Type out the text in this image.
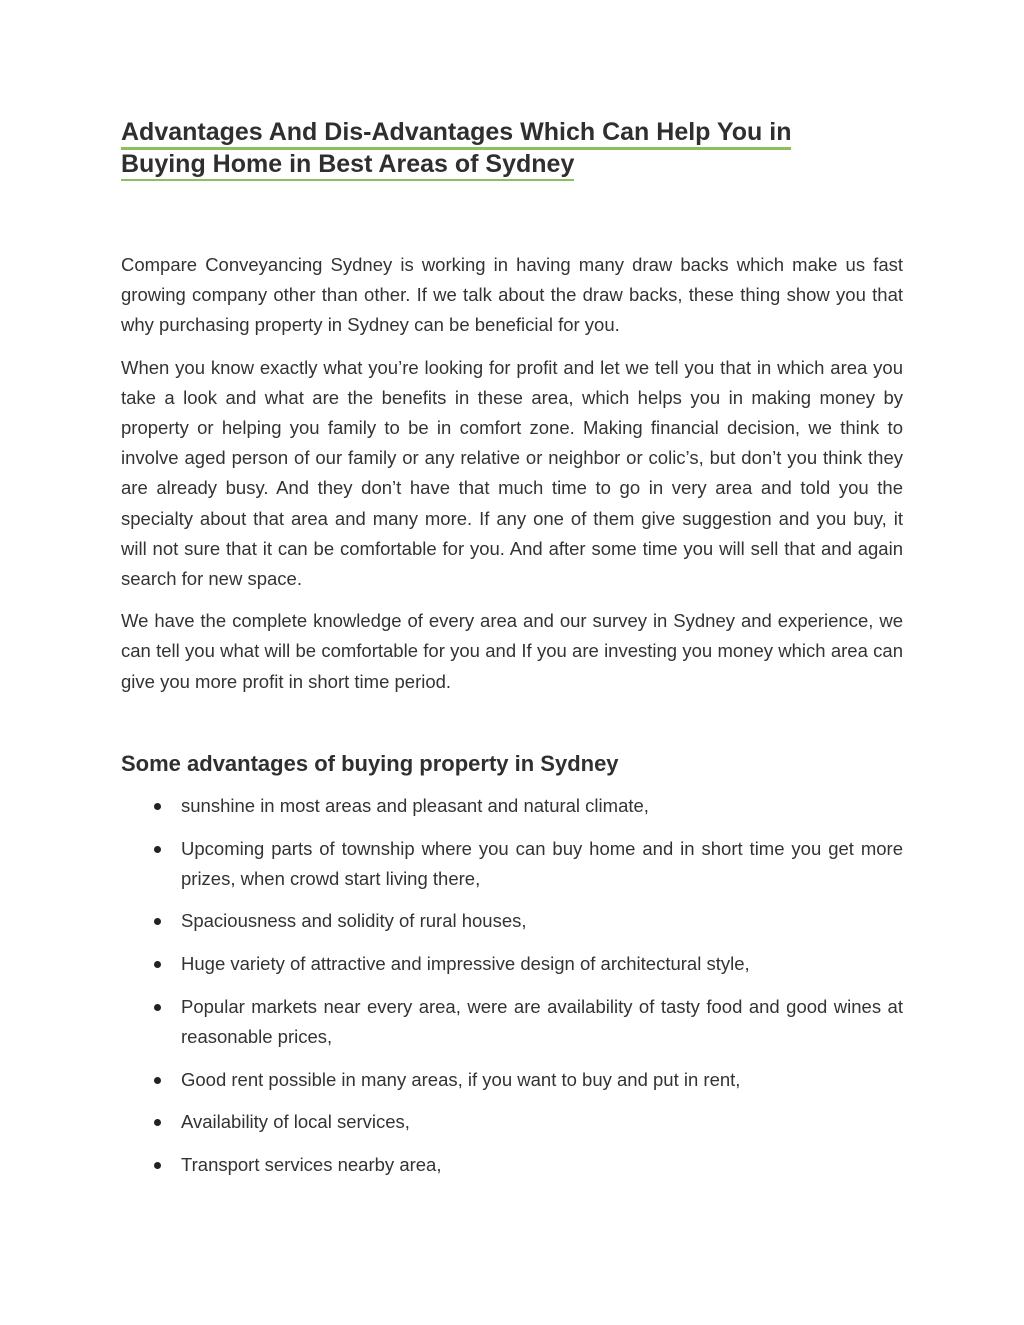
Advantages And Dis-Advantages Which Can Help You in
Buying Home in Best Areas of Sydney

Compare Conveyancing Sydney is working in having many draw backs which make us fast growing company other than other. If we talk about the draw backs, these thing show you that why purchasing property in Sydney can be beneficial for you.

When you know exactly what you’re looking for profit and let we tell you that in which area you take a look and what are the benefits in these area, which helps you in making money by property or helping you family to be in comfort zone. Making financial decision, we think to involve aged person of our family or any relative or neighbor or colic’s, but don’t you think they are already busy. And they don’t have that much time to go in very area and told you the specialty about that area and many more. If any one of them give suggestion and you buy, it will not sure that it can be comfortable for you. And after some time you will sell that and again search for new space.

We have the complete knowledge of every area and our survey in Sydney and experience, we can tell you what will be comfortable for you and If you are investing you money which area can give you more profit in short time period.

Some advantages of buying property in Sydney
sunshine in most areas and pleasant and natural climate,
Upcoming parts of township where you can buy home and in short time you get more prizes, when crowd start living there,
Spaciousness and solidity of rural houses,
Huge variety of attractive and impressive design of architectural style,
Popular markets near every area, were are availability of tasty food and good wines at reasonable prices,
Good rent possible in many areas, if you want to buy and put in rent,
Availability of local services,
Transport services nearby area,
